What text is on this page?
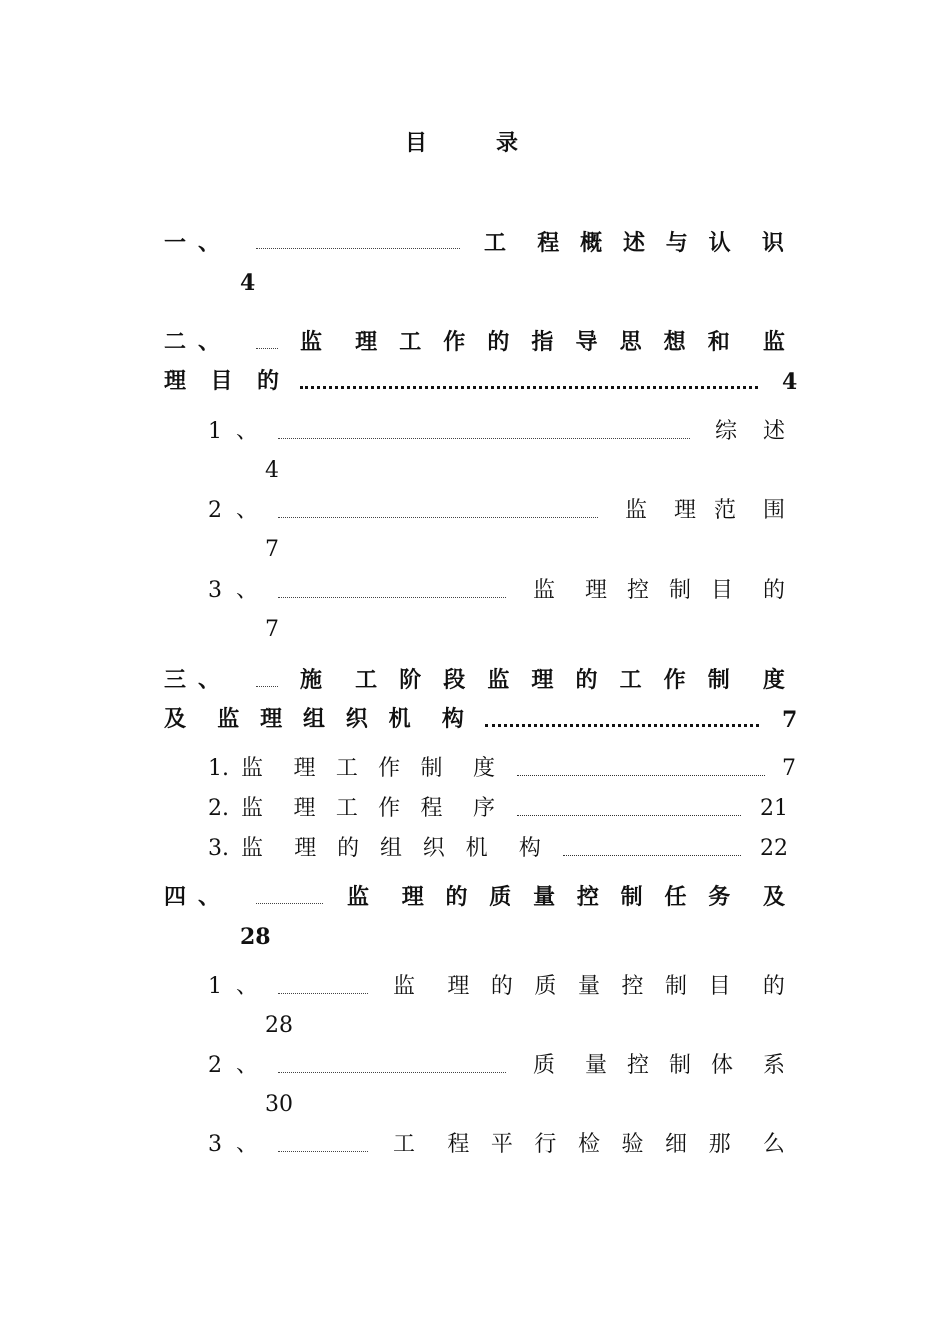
目	录
一 、	工 程 概 述 与 认 识
4
二 、	监 理 工 作 的 指 导 思 想 和 监
理 目 的	4
1 、	综 述
4
2 、	监 理 范 围
7
3 、	监 理 控 制 目 的
7
三 、	施 工 阶 段 监 理 的 工 作 制 度
及 监 理 组 织 机 构	7
1. 监 理 工 作 制 度	7
2. 监 理 工 作 程 序	21
3. 监 理 的 组 织 机 构	22
四 、	监 理 的 质 量 控 制 任 务 及
28
1 、	监 理 的 质 量 控 制 目 的
28
2 、	质 量 控 制 体 系
30
3 、	工 程 平 行 检 验 细 那 么
